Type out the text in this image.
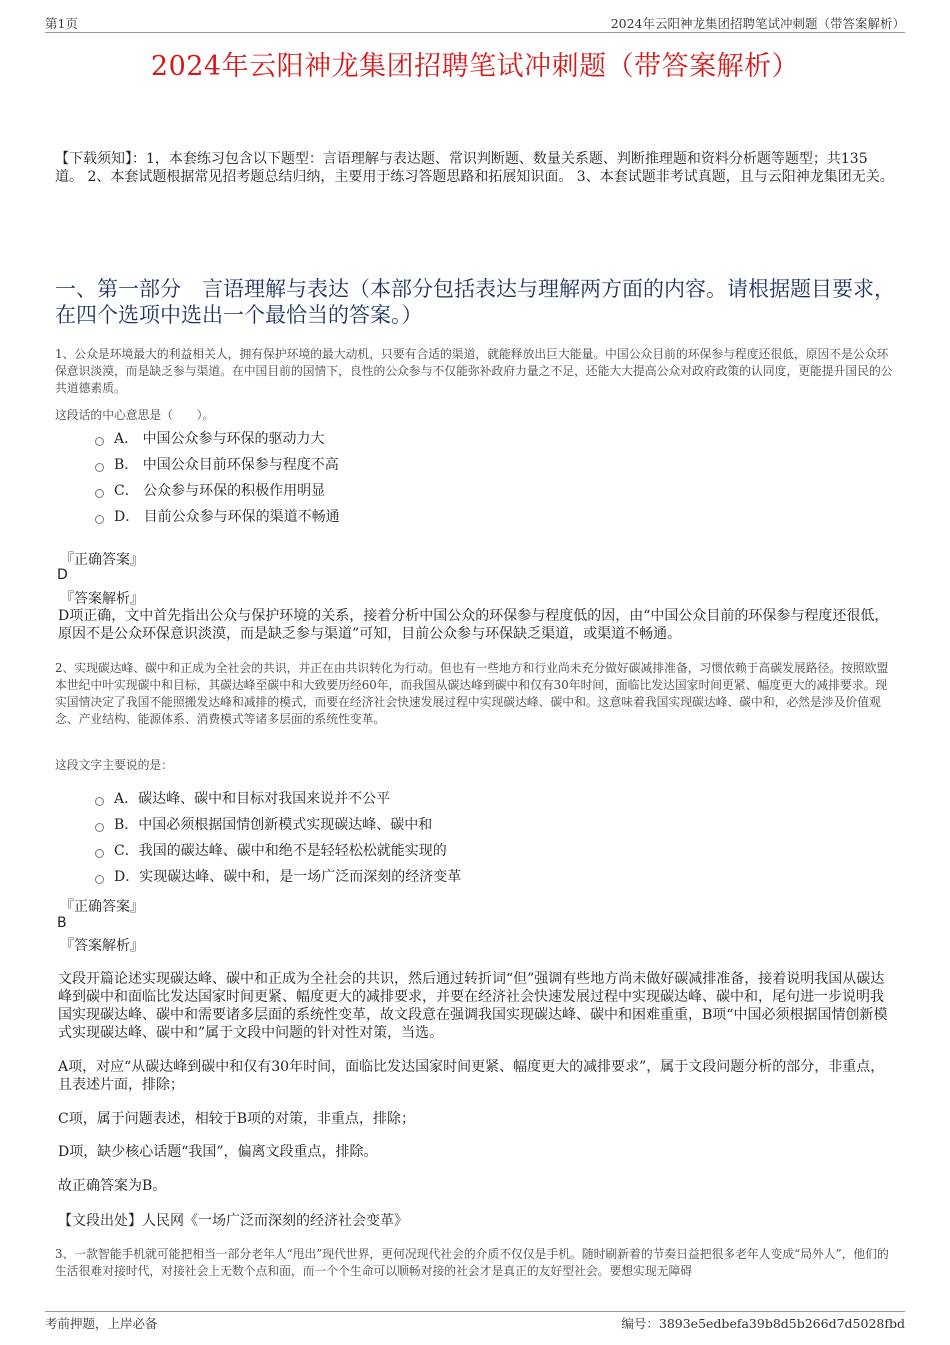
第1页	2024年云阳神龙集团招聘笔试冲刺题（带答案解析）
2024年云阳神龙集团招聘笔试冲刺题（带答案解析）
【下载须知】：1，本套练习包含以下题型：言语理解与表达题、常识判断题、数量关系题、判断推理题和资料分析题等题型；共135道。 2、本套试题根据常见招考题总结归纳，主要用于练习答题思路和拓展知识面。 3、本套试题非考试真题，且与云阳神龙集团无关。
一、第一部分　言语理解与表达（本部分包括表达与理解两方面的内容。请根据题目要求，在四个选项中选出一个最恰当的答案。）
1、公众是环境最大的利益相关人，拥有保护环境的最大动机，只要有合适的渠道，就能释放出巨大能量。中国公众目前的环保参与程度还很低，原因不是公众环保意识淡漠，而是缺乏参与渠道。在中国目前的国情下，良性的公众参与不仅能弥补政府力量之不足，还能大大提高公众对政府政策的认同度，更能提升国民的公共道德素质。
这段话的中心意思是（　　）。
A． 中国公众参与环保的驱动力大
B． 中国公众目前环保参与程度不高
C． 公众参与环保的积极作用明显
D． 目前公众参与环保的渠道不畅通
『正确答案』
D
『答案解析』
D项正确，文中首先指出公众与保护环境的关系，接着分析中国公众的环保参与程度低的因，由“中国公众目前的环保参与程度还很低，原因不是公众环保意识淡漠，而是缺乏参与渠道”可知，目前公众参与环保缺乏渠道，或渠道不畅通。
2、实现碳达峰、碳中和正成为全社会的共识，并正在由共识转化为行动。但也有一些地方和行业尚未充分做好碳减排准备，习惯依赖于高碳发展路径。按照欧盟本世纪中叶实现碳中和目标，其碳达峰至碳中和大致要历经60年，而我国从碳达峰到碳中和仅有30年时间，面临比发达国家时间更紧、幅度更大的减排要求。现实国情决定了我国不能照搬发达峰和减排的模式，而要在经济社会快速发展过程中实现碳达峰、碳中和。这意味着我国实现碳达峰、碳中和，必然是涉及价值观念、产业结构、能源体系、消费模式等诸多层面的系统性变革。
这段文字主要说的是：
A．碳达峰、碳中和目标对我国来说并不公平
B．中国必须根据国情创新模式实现碳达峰、碳中和
C．我国的碳达峰、碳中和绝不是轻轻松松就能实现的
D．实现碳达峰、碳中和，是一场广泛而深刻的经济变革
『正确答案』
B
『答案解析』
文段开篇论述实现碳达峰、碳中和正成为全社会的共识，然后通过转折词“但”强调有些地方尚未做好碳减排准备，接着说明我国从碳达峰到碳中和面临比发达国家时间更紧、幅度更大的减排要求，并要在经济社会快速发展过程中实现碳达峰、碳中和，尾句进一步说明我国实现碳达峰、碳中和需要诸多层面的系统性变革，故文段意在强调我国实现碳达峰、碳中和困难重重，B项“中国必须根据国情创新模式实现碳达峰、碳中和”属于文段中问题的针对性对策，当选。
A项，对应“从碳达峰到碳中和仅有30年时间，面临比发达国家时间更紧、幅度更大的减排要求”，属于文段问题分析的部分，非重点，且表述片面，排除；
C项，属于问题表述，相较于B项的对策，非重点，排除；
D项，缺少核心话题“我国”，偏离文段重点，排除。
故正确答案为B。
【文段出处】人民网《一场广泛而深刻的经济社会变革》
3、一款智能手机就可能把相当一部分老年人“甩出”现代世界，更何况现代社会的介质不仅仅是手机。随时刷新着的节奏日益把很多老年人变成“局外人”，他们的生活很难对接时代，对接社会上无数个点和面，而一个个生命可以顺畅对接的社会才是真正的友好型社会。要想实现无障碍
考前押题，上岸必备	编号：3893e5edbefa39b8d5b266d7d5028fbd
